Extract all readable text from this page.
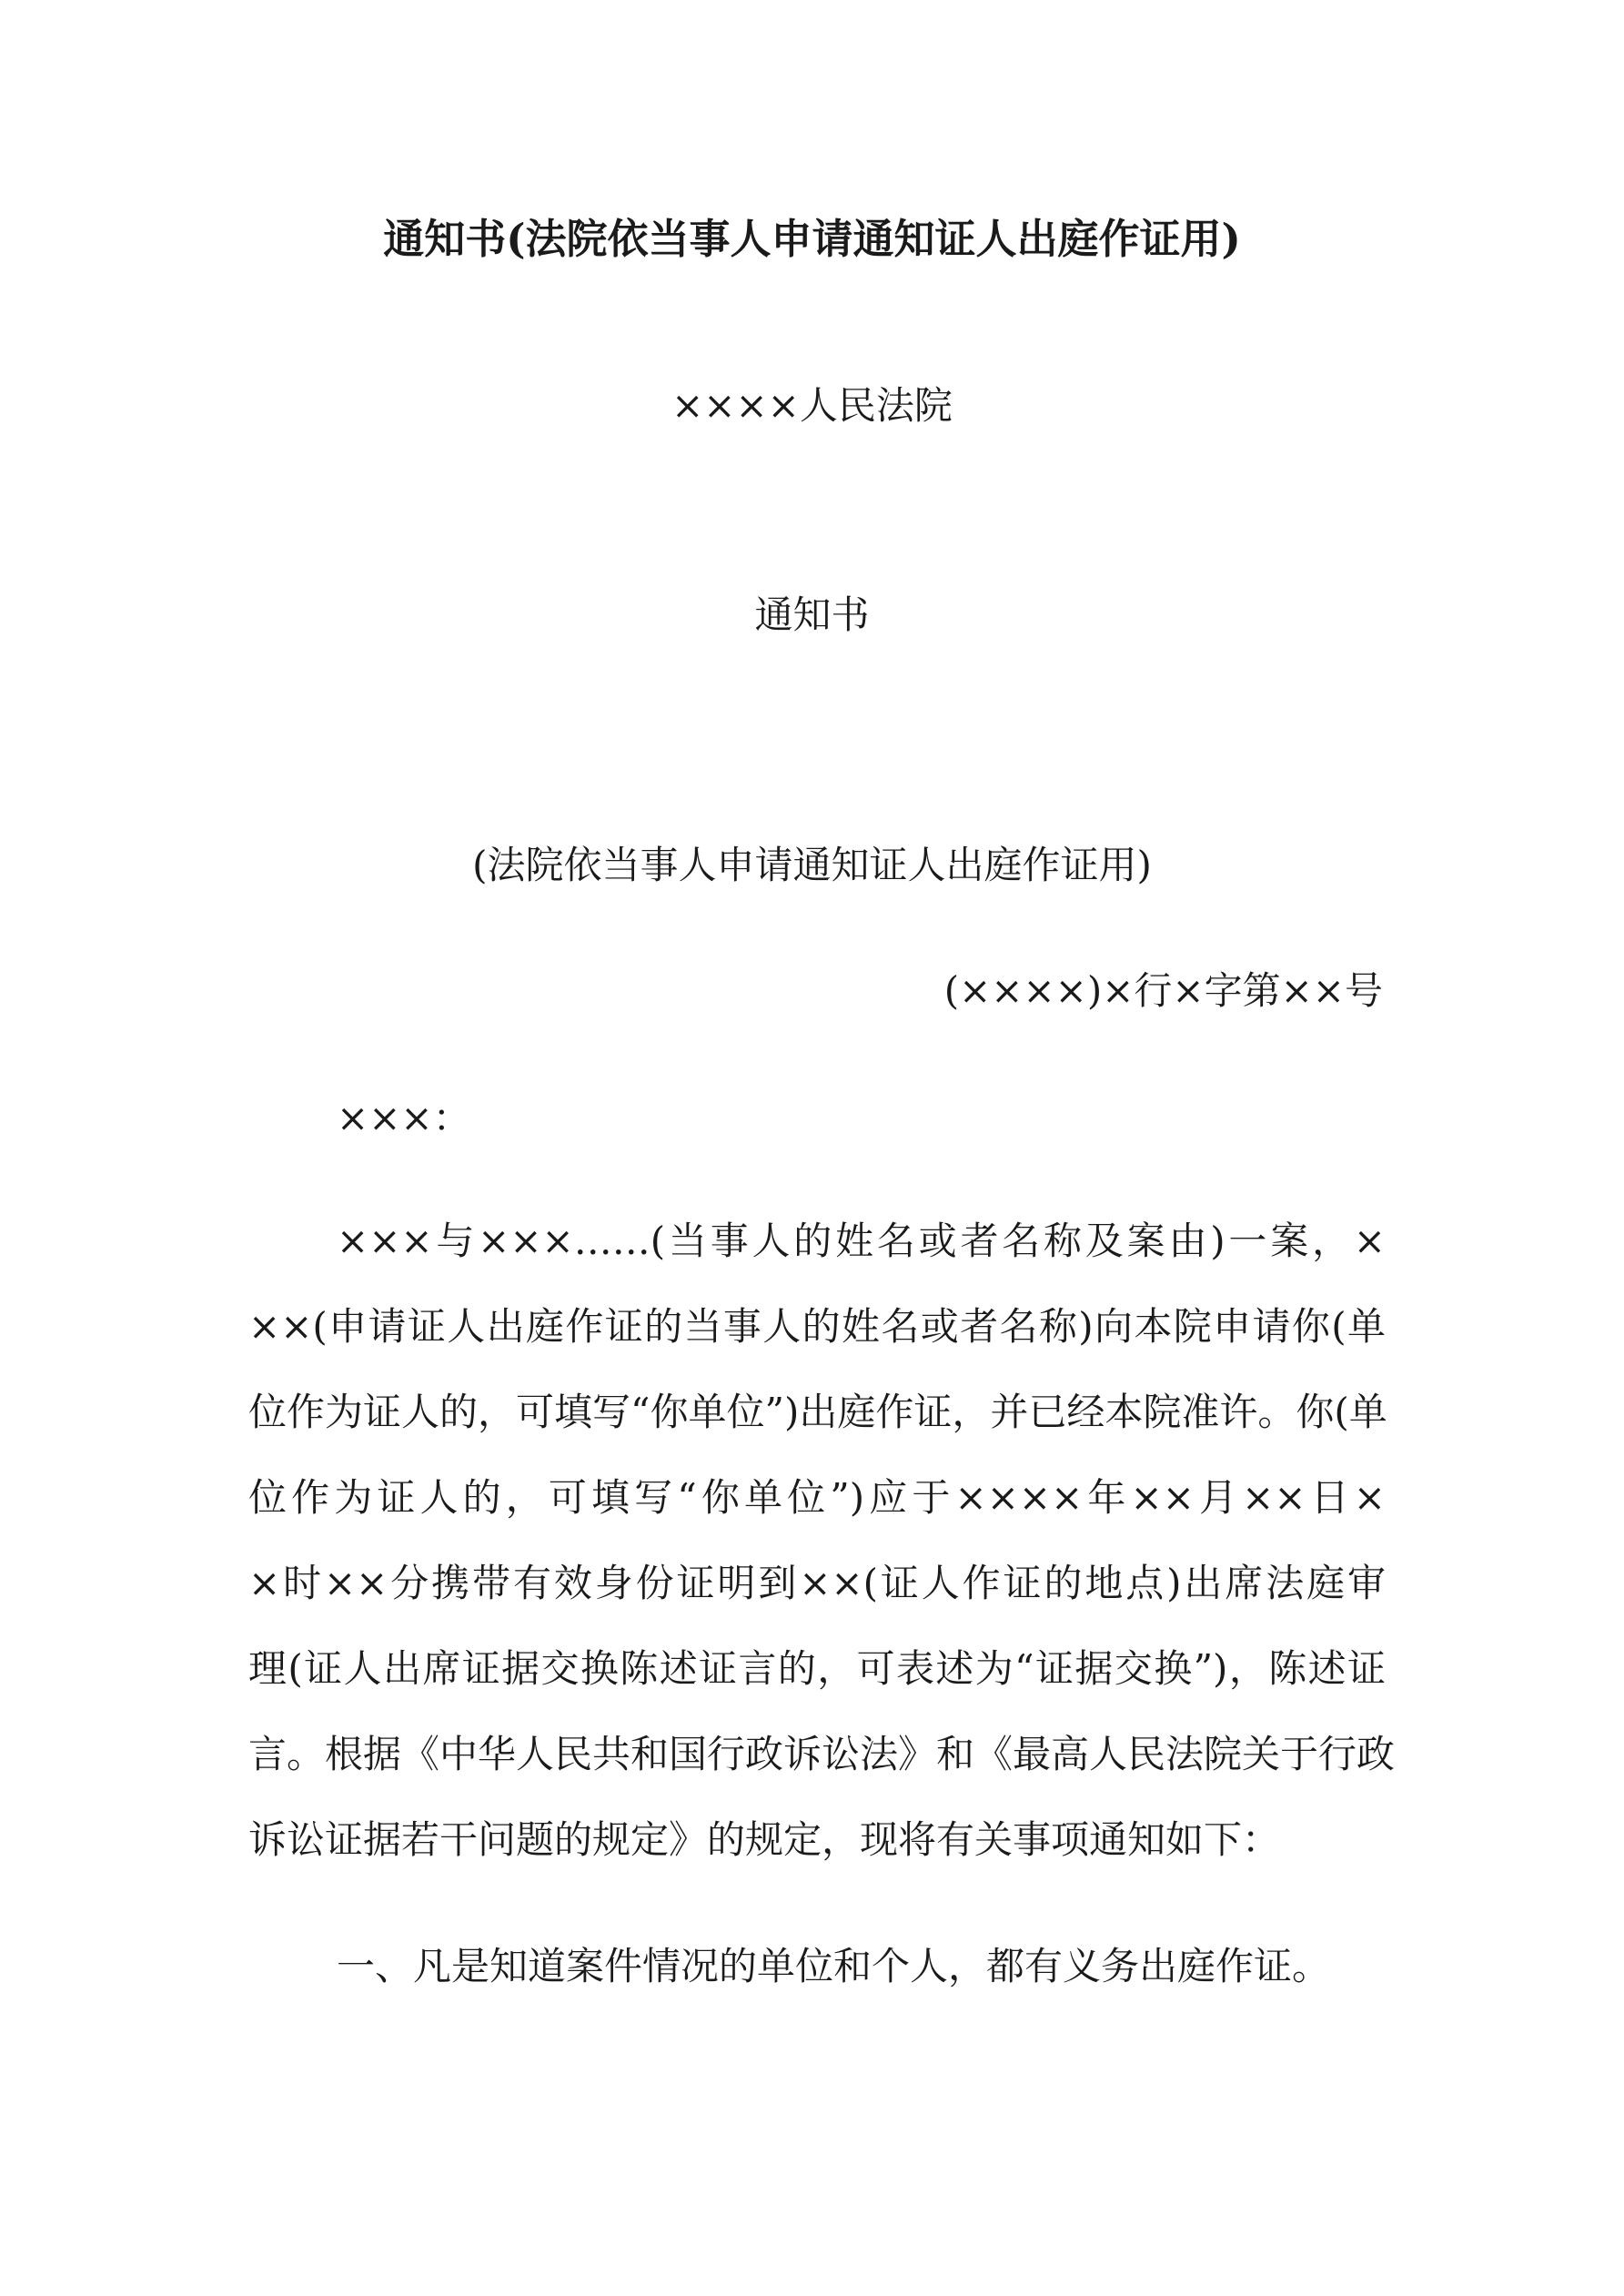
通知书(法院依当事人申请通知证人出庭作证用)

××××人民法院

通知书

(法院依当事人申请通知证人出庭作证用)

(××××)×行×字第××号

×××：

×××与×××……(当事人的姓名或者名称及案由)一案，×
××(申请证人出庭作证的当事人的姓名或者名称)向本院申请你(单
位作为证人的，可填写“你单位”)出庭作证，并已经本院准许。你(单
位作为证人的，可填写“你单位”)应于××××年××月××日×
×时××分携带有效身份证明到××(证人作证的地点)出席法庭审
理(证人出席证据交换陈述证言的，可表述为“证据交换”)，陈述证
言。根据《中华人民共和国行政诉讼法》和《最高人民法院关于行政
诉讼证据若干问题的规定》的规定，现将有关事项通知如下：

一、凡是知道案件情况的单位和个人，都有义务出庭作证。
